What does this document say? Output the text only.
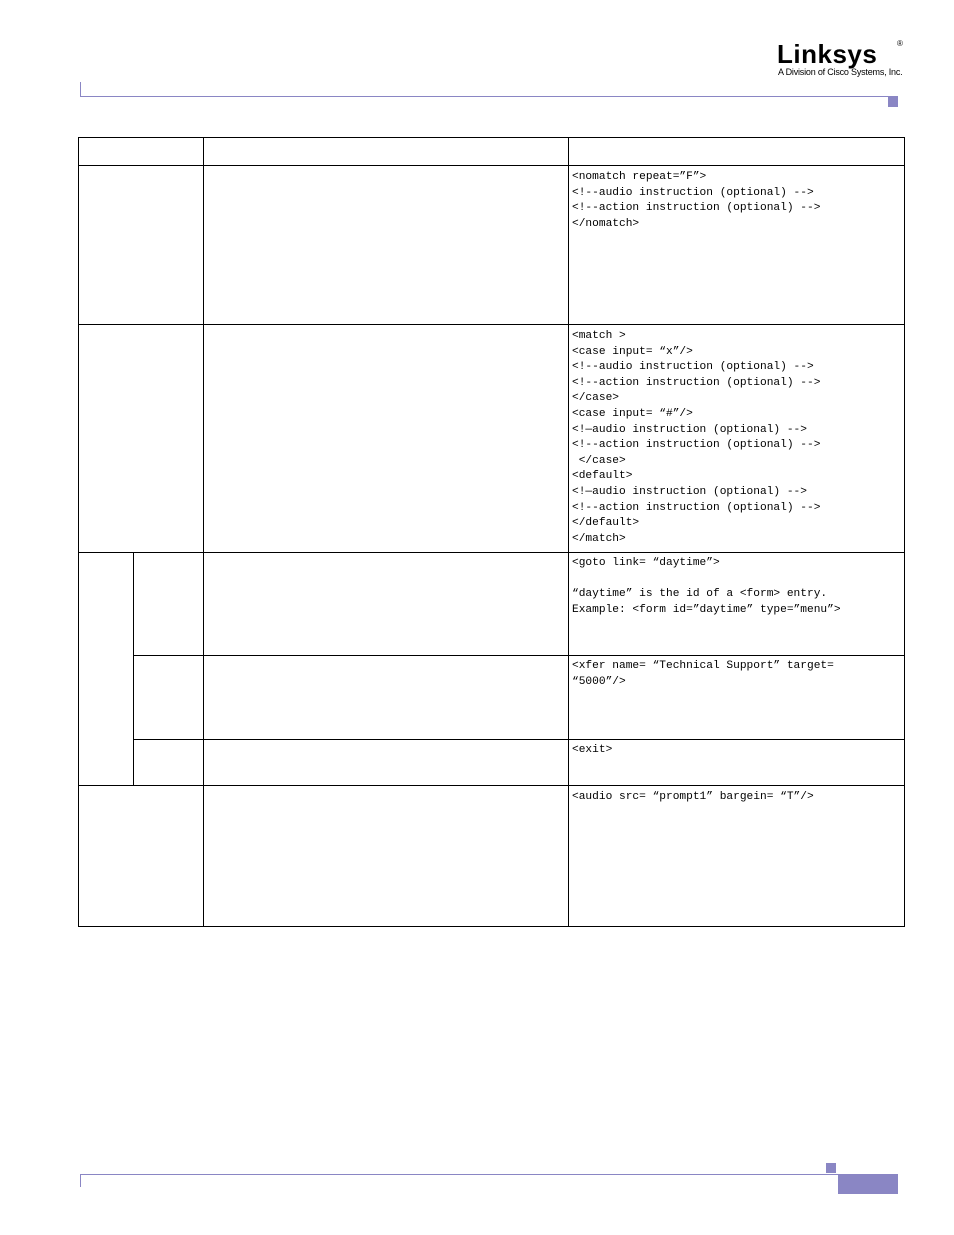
Linksys ®
A Division of Cisco Systems, Inc.
<nomatch repeat=”F”>
<!--audio instruction (optional) -->
<!--action instruction (optional) -->
</nomatch>
<match >
<case input= “x”/>
<!--audio instruction (optional) -->
<!--action instruction (optional) -->
</case>
<case input= “#”/>
<!—audio instruction (optional) -->
<!--action instruction (optional) -->
</case>
<default>
<!—audio instruction (optional) -->
<!--action instruction (optional) -->
</default>
</match>
<goto link= “daytime”>

“daytime” is the id of a <form> entry.
Example: <form id=”daytime” type=”menu”>
<xfer name= “Technical Support” target=
“5000”/>
<exit>
<audio src= “prompt1” bargein= “T”/>
